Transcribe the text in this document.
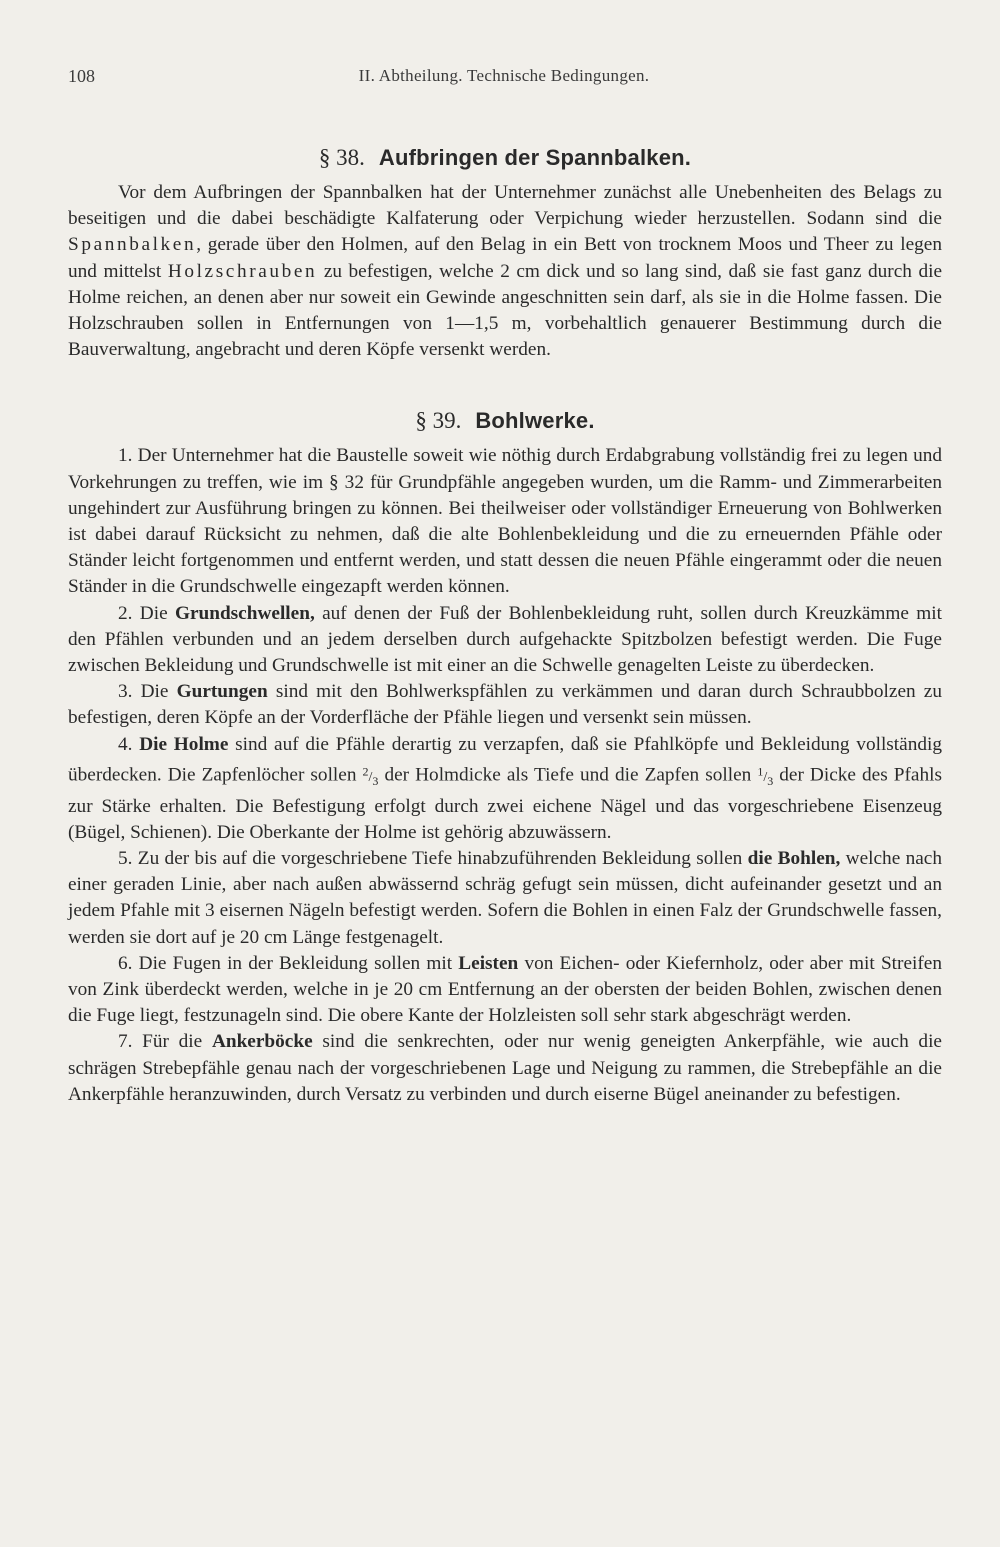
108	II. Abtheilung. Technische Bedingungen.
§ 38. Aufbringen der Spannbalken.

Vor dem Aufbringen der Spannbalken hat der Unternehmer zunächst alle Unebenheiten des Belags zu beseitigen und die dabei beschädigte Kalfaterung oder Verpichung wieder herzustellen. Sodann sind die Spannbalken, gerade über den Holmen, auf den Belag in ein Bett von trocknem Moos und Theer zu legen und mittelst Holzschrauben zu befestigen, welche 2 cm dick und so lang sind, daß sie fast ganz durch die Holme reichen, an denen aber nur soweit ein Gewinde angeschnitten sein darf, als sie in die Holme fassen. Die Holzschrauben sollen in Entfernungen von 1—1,5 m, vorbehaltlich genauerer Bestimmung durch die Bauverwaltung, angebracht und deren Köpfe versenkt werden.

§ 39. Bohlwerke.

1. Der Unternehmer hat die Baustelle soweit wie nöthig durch Erdabgrabung vollständig frei zu legen und Vorkehrungen zu treffen, wie im § 32 für Grundpfähle angegeben wurden, um die Ramm- und Zimmerarbeiten ungehindert zur Ausführung bringen zu können. Bei theilweiser oder vollständiger Erneuerung von Bohlwerken ist dabei darauf Rücksicht zu nehmen, daß die alte Bohlenbekleidung und die zu erneuernden Pfähle oder Ständer leicht fortgenommen und entfernt werden, und statt dessen die neuen Pfähle eingerammt oder die neuen Ständer in die Grundschwelle eingezapft werden können.

2. Die Grundschwellen, auf denen der Fuß der Bohlenbekleidung ruht, sollen durch Kreuzkämme mit den Pfählen verbunden und an jedem derselben durch aufgehackte Spitzbolzen befestigt werden. Die Fuge zwischen Bekleidung und Grundschwelle ist mit einer an die Schwelle genagelten Leiste zu überdecken.

3. Die Gurtungen sind mit den Bohlwerkspfählen zu verkämmen und daran durch Schraubbolzen zu befestigen, deren Köpfe an der Vorderfläche der Pfähle liegen und versenkt sein müssen.

4. Die Holme sind auf die Pfähle derartig zu verzapfen, daß sie Pfahlköpfe und Bekleidung vollständig überdecken. Die Zapfenlöcher sollen $^2/_3$ der Holmdicke als Tiefe und die Zapfen sollen $^1/_3$ der Dicke des Pfahls zur Stärke erhalten. Die Befestigung erfolgt durch zwei eichene Nägel und das vorgeschriebene Eisenzeug (Bügel, Schienen). Die Oberkante der Holme ist gehörig abzuwässern.

5. Zu der bis auf die vorgeschriebene Tiefe hinabzuführenden Bekleidung sollen die Bohlen, welche nach einer geraden Linie, aber nach außen abwässernd schräg gefugt sein müssen, dicht aufeinander gesetzt und an jedem Pfahle mit 3 eisernen Nägeln befestigt werden. Sofern die Bohlen in einen Falz der Grundschwelle fassen, werden sie dort auf je 20 cm Länge festgenagelt.

6. Die Fugen in der Bekleidung sollen mit Leisten von Eichen- oder Kiefernholz, oder aber mit Streifen von Zink überdeckt werden, welche in je 20 cm Entfernung an der obersten der beiden Bohlen, zwischen denen die Fuge liegt, festzunageln sind. Die obere Kante der Holzleisten soll sehr stark abgeschrägt werden.

7. Für die Ankerböcke sind die senkrechten, oder nur wenig geneigten Ankerpfähle, wie auch die schrägen Strebepfähle genau nach der vorgeschriebenen Lage und Neigung zu rammen, die Strebepfähle an die Ankerpfähle heranzuwinden, durch Versatz zu verbinden und durch eiserne Bügel aneinander zu befestigen.
